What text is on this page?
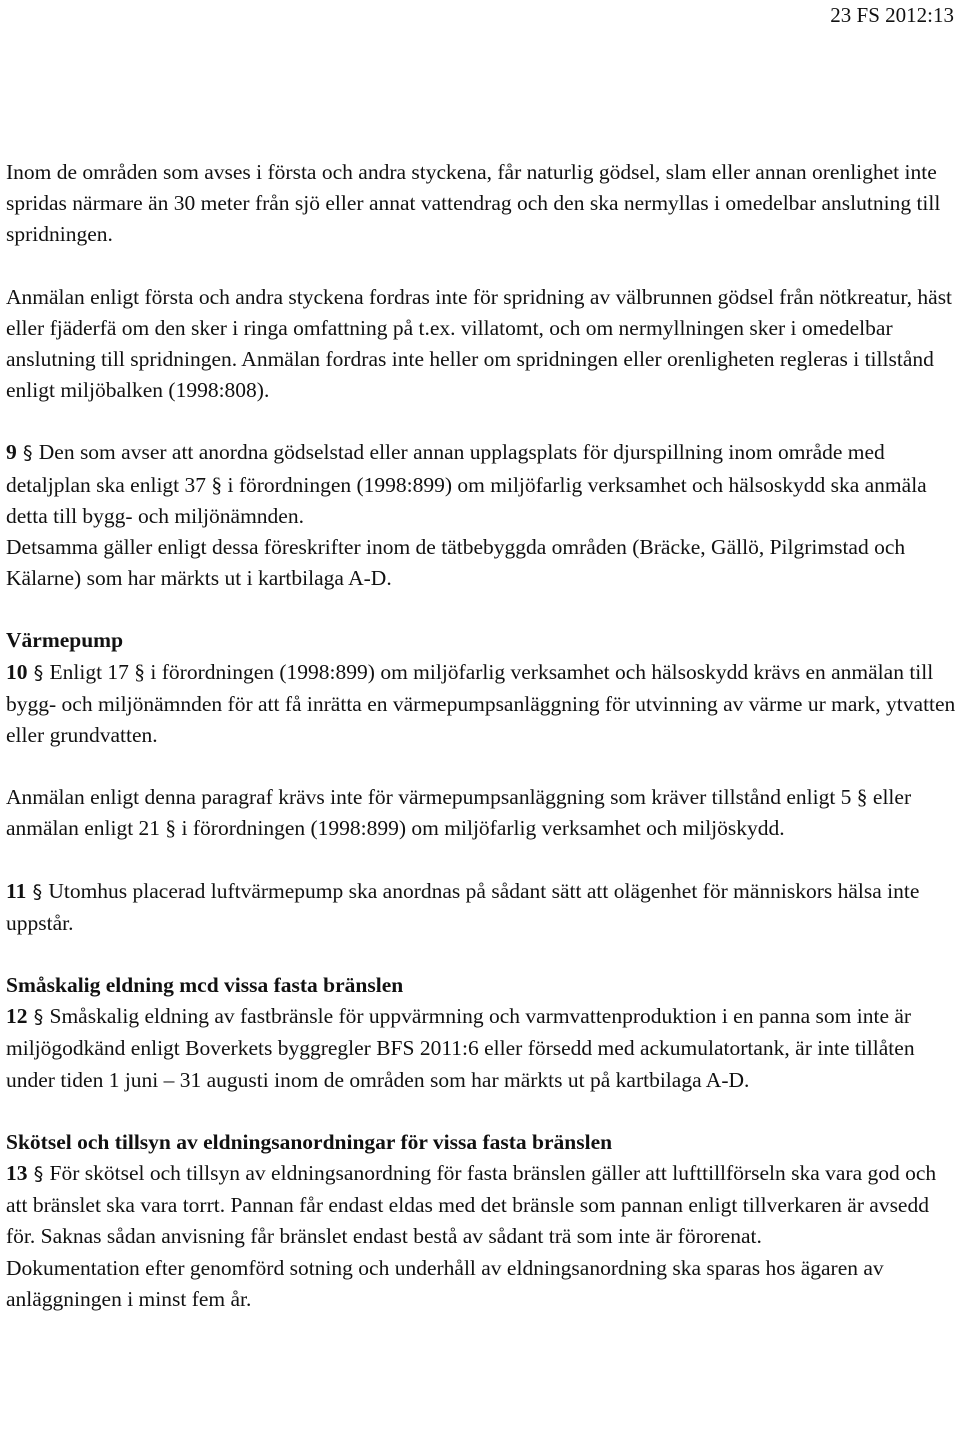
23 FS 2012:13

Inom de områden som avses i första och andra styckena, får naturlig gödsel, slam eller annan orenlighet inte spridas närmare än 30 meter från sjö eller annat vattendrag och den ska nermyllas i omedelbar anslutning till spridningen.

Anmälan enligt första och andra styckena fordras inte för spridning av välbrunnen gödsel från nötkreatur, häst eller fjäderfä om den sker i ringa omfattning på t.ex. villatomt, och om nermyllningen sker i omedelbar anslutning till spridningen. Anmälan fordras inte heller om spridningen eller orenligheten regleras i tillstånd enligt miljöbalken (1998:808).

9 § Den som avser att anordna gödselstad eller annan upplagsplats för djurspillning inom område med detaljplan ska enligt 37 § i förordningen (1998:899) om miljöfarlig verksamhet och hälsoskydd ska anmäla detta till bygg- och miljönämnden.

Detsamma gäller enligt dessa föreskrifter inom de tätbebyggda områden (Bräcke, Gällö, Pilgrimstad och Kälarne) som har märkts ut i kartbilaga A-D.

Värmepump

10 § Enligt 17 § i förordningen (1998:899) om miljöfarlig verksamhet och hälsoskydd krävs en anmälan till bygg- och miljönämnden för att få inrätta en värmepumpsanläggning för utvinning av värme ur mark, ytvatten eller grundvatten.

Anmälan enligt denna paragraf krävs inte för värmepumpsanläggning som kräver tillstånd enligt 5 § eller anmälan enligt 21 § i förordningen (1998:899) om miljöfarlig verksamhet och miljöskydd.

11 § Utomhus placerad luftvärmepump ska anordnas på sådant sätt att olägenhet för människors hälsa inte uppstår.

Småskalig eldning mcd vissa fasta bränslen

12 § Småskalig eldning av fastbränsle för uppvärmning och varmvattenproduktion i en panna som inte är miljögodkänd enligt Boverkets byggregler BFS 2011:6 eller försedd med ackumulatortank, är inte tillåten under tiden 1 juni – 31 augusti inom de områden som har märkts ut på kartbilaga A-D.

Skötsel och tillsyn av eldningsanordningar för vissa fasta bränslen

13 § För skötsel och tillsyn av eldningsanordning för fasta bränslen gäller att lufttillförseln ska vara god och att bränslet ska vara torrt. Pannan får endast eldas med det bränsle som pannan enligt tillverkaren är avsedd för. Saknas sådan anvisning får bränslet endast bestå av sådant trä som inte är förorenat.

Dokumentation efter genomförd sotning och underhåll av eldningsanordning ska sparas hos ägaren av anläggningen i minst fem år.
